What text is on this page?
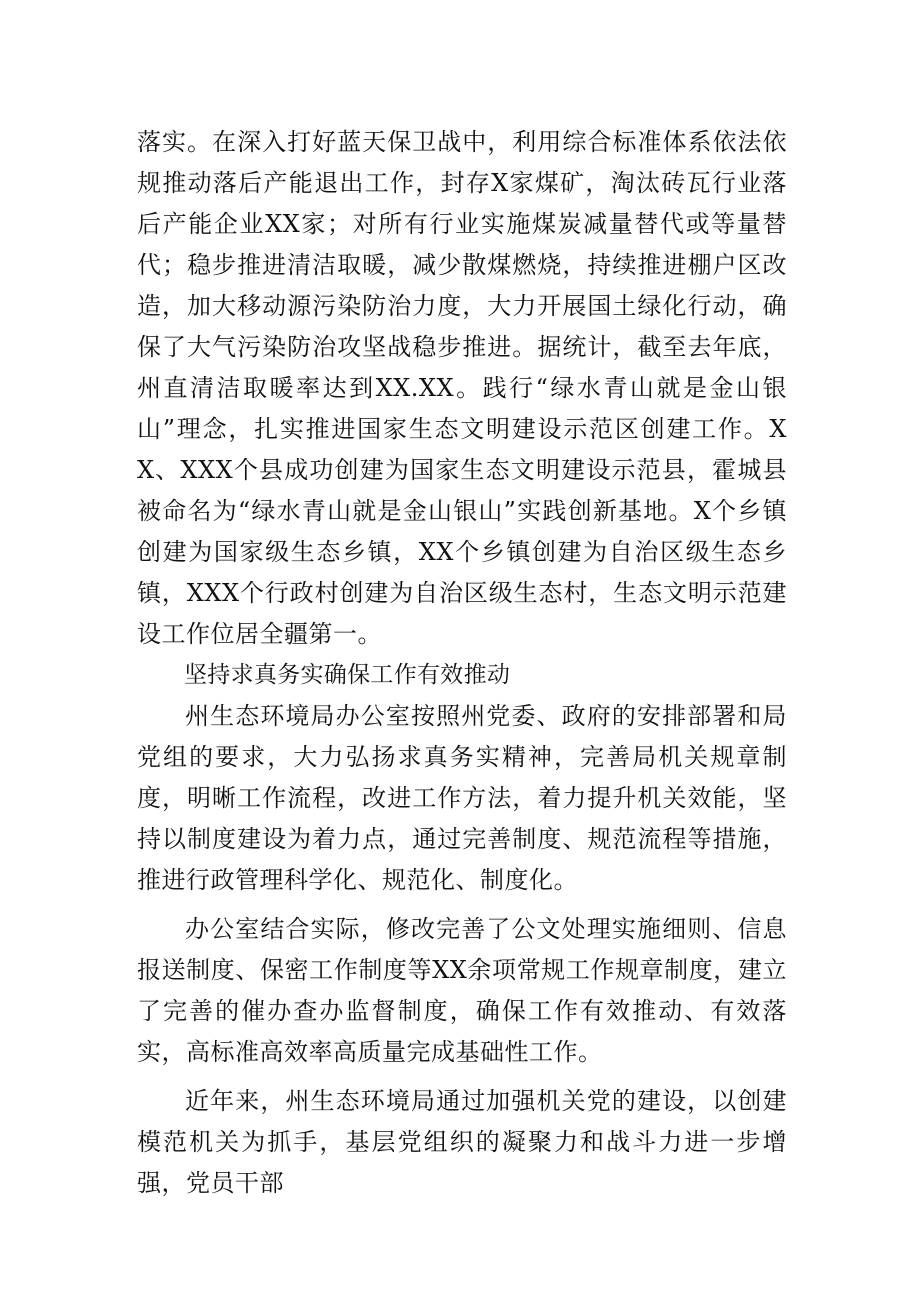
落实。在深入打好蓝天保卫战中，利用综合标准体系依法依规推动落后产能退出工作，封存X家煤矿，淘汰砖瓦行业落后产能企业XX家；对所有行业实施煤炭减量替代或等量替代；稳步推进清洁取暖，减少散煤燃烧，持续推进棚户区改造，加大移动源污染防治力度，大力开展国土绿化行动，确保了大气污染防治攻坚战稳步推进。据统计，截至去年底，州直清洁取暖率达到XX.XX。践行“绿水青山就是金山银山”理念，扎实推进国家生态文明建设示范区创建工作。XX、XXX个县成功创建为国家生态文明建设示范县，霍城县被命名为“绿水青山就是金山银山”实践创新基地。X个乡镇创建为国家级生态乡镇，XX个乡镇创建为自治区级生态乡镇，XXX个行政村创建为自治区级生态村，生态文明示范建设工作位居全疆第一。

坚持求真务实确保工作有效推动

州生态环境局办公室按照州党委、政府的安排部署和局党组的要求，大力弘扬求真务实精神，完善局机关规章制度，明晰工作流程，改进工作方法，着力提升机关效能，坚持以制度建设为着力点，通过完善制度、规范流程等措施，推进行政管理科学化、规范化、制度化。

办公室结合实际，修改完善了公文处理实施细则、信息报送制度、保密工作制度等XX余项常规工作规章制度，建立了完善的催办查办监督制度，确保工作有效推动、有效落实，高标准高效率高质量完成基础性工作。

近年来，州生态环境局通过加强机关党的建设，以创建模范机关为抓手，基层党组织的凝聚力和战斗力进一步增强，党员干部
